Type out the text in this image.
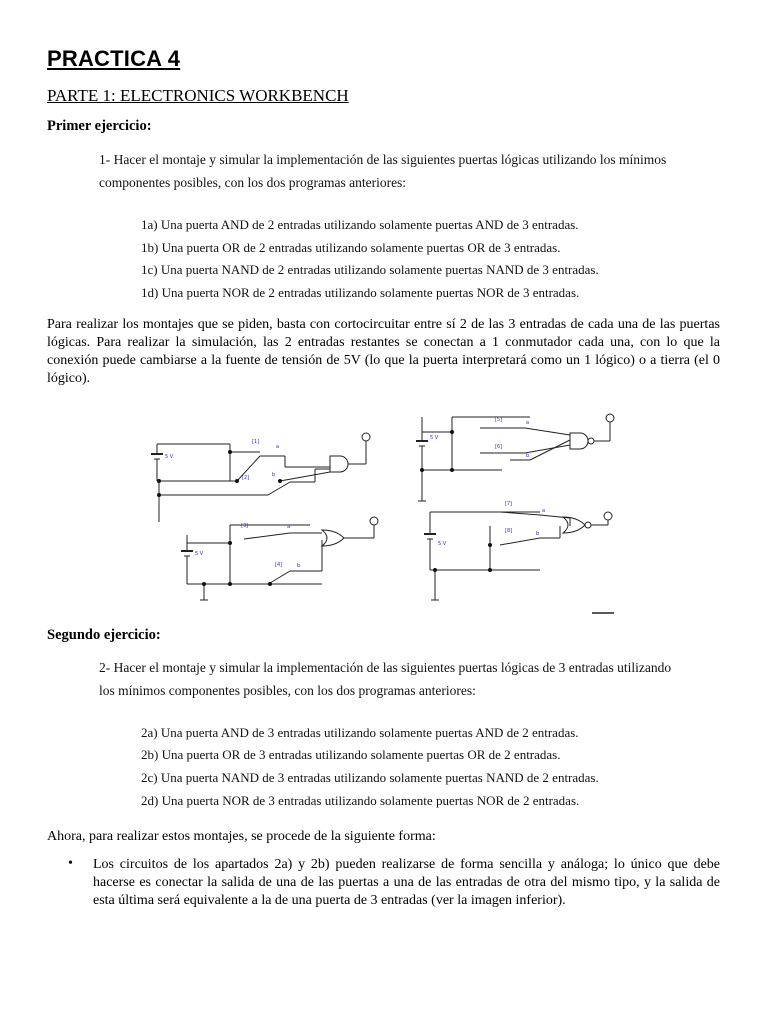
PRACTICA 4
PARTE 1: ELECTRONICS WORKBENCH
Primer ejercicio:
1- Hacer el montaje y simular la implementación de las siguientes puertas lógicas utilizando los mínimos
componentes posibles, con los dos programas anteriores:
1a) Una puerta AND de 2 entradas utilizando solamente puertas AND de 3 entradas.
1b) Una puerta OR de 2 entradas utilizando solamente puertas OR de 3 entradas.
1c) Una puerta NAND de 2 entradas utilizando solamente puertas NAND de 3 entradas.
1d) Una puerta NOR de 2 entradas utilizando solamente puertas NOR de 3 entradas.

Para realizar los montajes que se piden, basta con cortocircuitar entre sí 2 de las 3 entradas de cada una de las puertas lógicas. Para realizar la simulación, las 2 entradas restantes se conectan a 1 conmutador cada una, con lo que la conexión puede cambiarse a la fuente de tensión de 5V (lo que la puerta interpretará como un 1 lógico) o a tierra (el 0 lógico).

5 V
5 V
5 V
5 V
[1]
[2]
[3]
[4]
[5]
[6]
[7]
[8]
a
b
a
b
a
b
a
b
Segundo ejercicio:
2- Hacer el montaje y simular la implementación de las siguientes puertas lógicas de 3 entradas utilizando
los mínimos componentes posibles, con los dos programas anteriores:
2a) Una puerta AND de 3 entradas utilizando solamente puertas AND de 2 entradas.
2b) Una puerta OR de 3 entradas utilizando solamente puertas OR de 2 entradas.
2c) Una puerta NAND de 3 entradas utilizando solamente puertas NAND de 2 entradas.
2d) Una puerta NOR de 3 entradas utilizando solamente puertas NOR de 2 entradas.
Ahora, para realizar estos montajes, se procede de la siguiente forma:
• Los circuitos de los apartados 2a) y 2b) pueden realizarse de forma sencilla y análoga; lo único que debe hacerse es conectar la salida de una de las puertas a una de las entradas de otra del mismo tipo, y la salida de esta última será equivalente a la de una puerta de 3 entradas (ver la imagen inferior).
